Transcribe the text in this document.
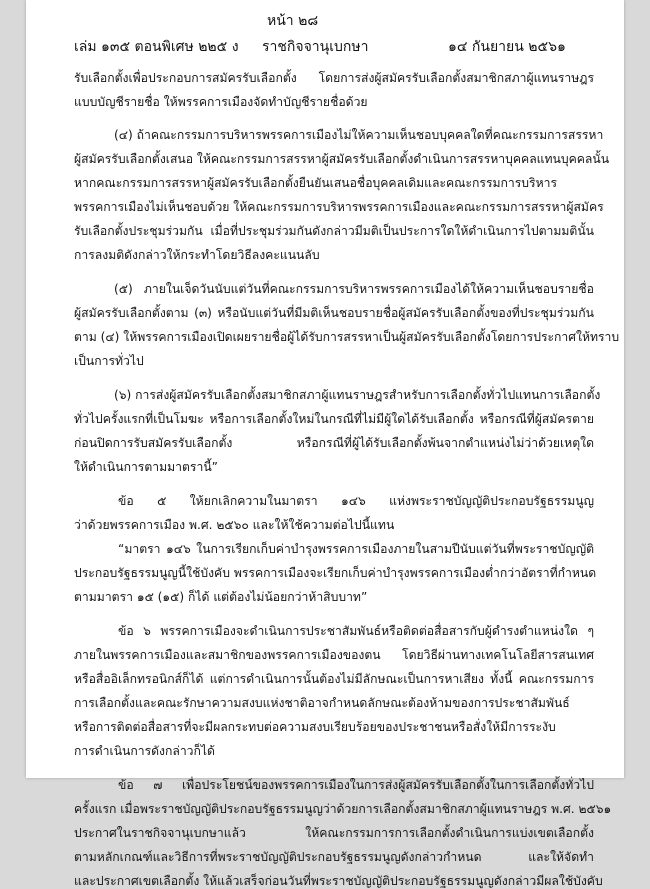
หน้า ๒๘
เล่ม ๑๓๕ ตอนพิเศษ ๒๒๕ ง ราชกิจจานุเบกษา	๑๔ กันยายน ๒๕๖๑
รับเลือกตั้งเพื่อประกอบการสมัครรับเลือกตั้ง โดยการส่งผู้สมัครรับเลือกตั้งสมาชิกสภาผู้แทนราษฎร
แบบบัญชีรายชื่อ ให้พรรคการเมืองจัดทำบัญชีรายชื่อด้วย
(๔) ถ้าคณะกรรมการบริหารพรรคการเมืองไม่ให้ความเห็นชอบบุคคลใดที่คณะกรรมการสรรหา
ผู้สมัครรับเลือกตั้งเสนอ ให้คณะกรรมการสรรหาผู้สมัครรับเลือกตั้งดำเนินการสรรหาบุคคลแทนบุคคลนั้น
หากคณะกรรมการสรรหาผู้สมัครรับเลือกตั้งยืนยันเสนอชื่อบุคคลเดิมและคณะกรรมการบริหาร
พรรคการเมืองไม่เห็นชอบด้วย ให้คณะกรรมการบริหารพรรคการเมืองและคณะกรรมการสรรหาผู้สมัคร
รับเลือกตั้งประชุมร่วมกัน เมื่อที่ประชุมร่วมกันดังกล่าวมีมติเป็นประการใดให้ดำเนินการไปตามมตินั้น
การลงมติดังกล่าวให้กระทำโดยวิธีลงคะแนนลับ
(๕) ภายในเจ็ดวันนับแต่วันที่คณะกรรมการบริหารพรรคการเมืองได้ให้ความเห็นชอบรายชื่อ
ผู้สมัครรับเลือกตั้งตาม (๓) หรือนับแต่วันที่มีมติเห็นชอบรายชื่อผู้สมัครรับเลือกตั้งของที่ประชุมร่วมกัน
ตาม (๔) ให้พรรคการเมืองเปิดเผยรายชื่อผู้ได้รับการสรรหาเป็นผู้สมัครรับเลือกตั้งโดยการประกาศให้ทราบ
เป็นการทั่วไป
(๖) การส่งผู้สมัครรับเลือกตั้งสมาชิกสภาผู้แทนราษฎรสำหรับการเลือกตั้งทั่วไปแทนการเลือกตั้ง
ทั่วไปครั้งแรกที่เป็นโมฆะ หรือการเลือกตั้งใหม่ในกรณีที่ไม่มีผู้ใดได้รับเลือกตั้ง หรือกรณีที่ผู้สมัครตาย
ก่อนปิดการรับสมัครรับเลือกตั้ง หรือกรณีที่ผู้ได้รับเลือกตั้งพ้นจากตำแหน่งไม่ว่าด้วยเหตุใด
ให้ดำเนินการตามมาตรานี้”
ข้อ ๕ ให้ยกเลิกความในมาตรา ๑๔๖ แห่งพระราชบัญญัติประกอบรัฐธรรมนูญ
ว่าด้วยพรรคการเมือง พ.ศ. ๒๕๖๐ และให้ใช้ความต่อไปนี้แทน
“มาตรา ๑๔๖ ในการเรียกเก็บค่าบำรุงพรรคการเมืองภายในสามปีนับแต่วันที่พระราชบัญญัติ
ประกอบรัฐธรรมนูญนี้ใช้บังคับ พรรคการเมืองจะเรียกเก็บค่าบำรุงพรรคการเมืองต่ำกว่าอัตราที่กำหนด
ตามมาตรา ๑๕ (๑๕) ก็ได้ แต่ต้องไม่น้อยกว่าห้าสิบบาท”
ข้อ ๖ พรรคการเมืองจะดำเนินการประชาสัมพันธ์หรือติดต่อสื่อสารกับผู้ดำรงตำแหน่งใด ๆ
ภายในพรรคการเมืองและสมาชิกของพรรคการเมืองของตน โดยวิธีผ่านทางเทคโนโลยีสารสนเทศ
หรือสื่ออิเล็กทรอนิกส์ก็ได้ แต่การดำเนินการนั้นต้องไม่มีลักษณะเป็นการหาเสียง ทั้งนี้ คณะกรรมการ
การเลือกตั้งและคณะรักษาความสงบแห่งชาติอาจกำหนดลักษณะต้องห้ามของการประชาสัมพันธ์
หรือการติดต่อสื่อสารที่จะมีผลกระทบต่อความสงบเรียบร้อยของประชาชนหรือสั่งให้มีการระงับ
การดำเนินการดังกล่าวก็ได้
ข้อ ๗ เพื่อประโยชน์ของพรรคการเมืองในการส่งผู้สมัครรับเลือกตั้งในการเลือกตั้งทั่วไป
ครั้งแรก เมื่อพระราชบัญญัติประกอบรัฐธรรมนูญว่าด้วยการเลือกตั้งสมาชิกสภาผู้แทนราษฎร พ.ศ. ๒๕๖๑
ประกาศในราชกิจจานุเบกษาแล้ว ให้คณะกรรมการการเลือกตั้งดำเนินการแบ่งเขตเลือกตั้ง
ตามหลักเกณฑ์และวิธีการที่พระราชบัญญัติประกอบรัฐธรรมนูญดังกล่าวกำหนด และให้จัดทำ
และประกาศเขตเลือกตั้ง ให้แล้วเสร็จก่อนวันที่พระราชบัญญัติประกอบรัฐธรรมนูญดังกล่าวมีผลใช้บังคับ
